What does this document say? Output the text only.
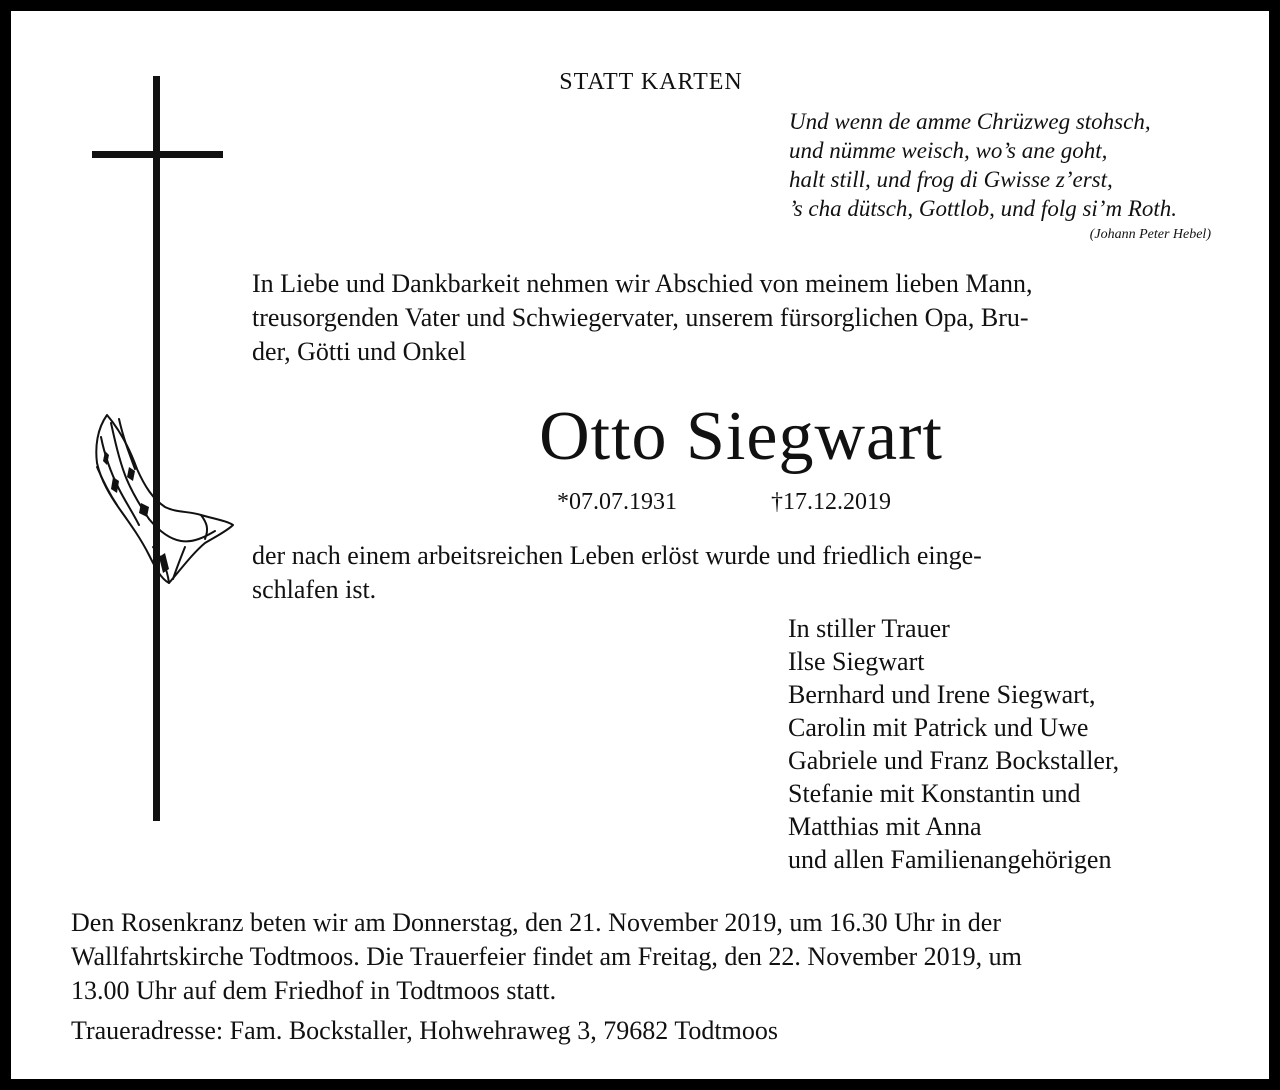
STATT KARTEN
Und wenn de amme Chrüzweg stohsch,
und nümme weisch, wo’s ane goht,
halt still, und frog di Gwisse z’erst,
’s cha dütsch, Gottlob, und folg si’m Roth.
(Johann Peter Hebel)
In Liebe und Dankbarkeit nehmen wir Abschied von meinem lieben Mann,
treusorgenden Vater und Schwiegervater, unserem fürsorglichen Opa, Bru-
der, Götti und Onkel
Otto Siegwart
*07.07.1931	†17.12.2019
der nach einem arbeitsreichen Leben erlöst wurde und friedlich einge-
schlafen ist.
In stiller Trauer
Ilse Siegwart
Bernhard und Irene Siegwart,
Carolin mit Patrick und Uwe
Gabriele und Franz Bockstaller,
Stefanie mit Konstantin und
Matthias mit Anna
und allen Familienangehörigen
Den Rosenkranz beten wir am Donnerstag, den 21. November 2019, um 16.30 Uhr in der
Wallfahrtskirche Todtmoos. Die Trauerfeier findet am Freitag, den 22. November 2019, um
13.00 Uhr auf dem Friedhof in Todtmoos statt.
Traueradresse: Fam. Bockstaller, Hohwehraweg 3, 79682 Todtmoos
